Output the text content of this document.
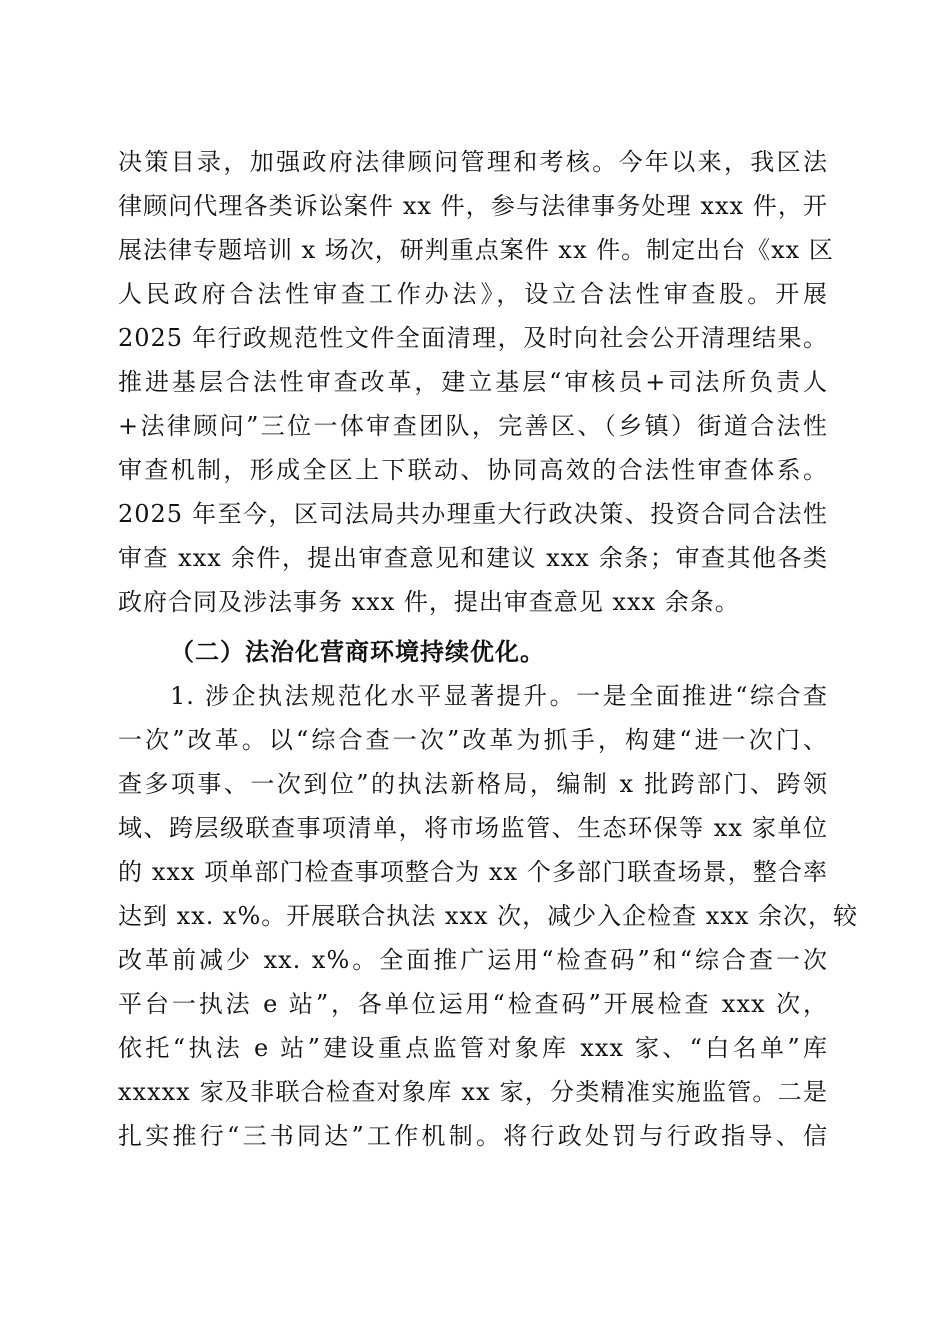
决策目录，加强政府法律顾问管理和考核。今年以来，我区法
律顾问代理各类诉讼案件 xx 件，参与法律事务处理 xxx 件，开
展法律专题培训 x 场次，研判重点案件 xx 件。制定出台《xx 区
人民政府合法性审查工作办法》，设立合法性审查股。开展
2025 年行政规范性文件全面清理，及时向社会公开清理结果。
推进基层合法性审查改革，建立基层“审核员+司法所负责人
+法律顾问”三位一体审查团队，完善区、（乡镇）街道合法性
审查机制，形成全区上下联动、协同高效的合法性审查体系。
2025 年至今，区司法局共办理重大行政决策、投资合同合法性
审查 xxx 余件，提出审查意见和建议 xxx 余条；审查其他各类
政府合同及涉法事务 xxx 件，提出审查意见 xxx 余条。
（二）法治化营商环境持续优化。
1. 涉企执法规范化水平显著提升。一是全面推进“综合查
一次”改革。以“综合查一次”改革为抓手，构建“进一次门、
查多项事、一次到位”的执法新格局，编制 x 批跨部门、跨领
域、跨层级联查事项清单，将市场监管、生态环保等 xx 家单位
的 xxx 项单部门检查事项整合为 xx 个多部门联查场景，整合率
达到 xx. x%。开展联合执法 xxx 次，减少入企检查 xxx 余次，较
改革前减少 xx. x%。全面推广运用“检查码”和“综合查一次
平台一执法 e 站”，各单位运用“检查码”开展检查 xxx 次，
依托“执法 e 站”建设重点监管对象库 xxx 家、“白名单”库
xxxxx 家及非联合检查对象库 xx 家，分类精准实施监管。二是
扎实推行“三书同达”工作机制。将行政处罚与行政指导、信
